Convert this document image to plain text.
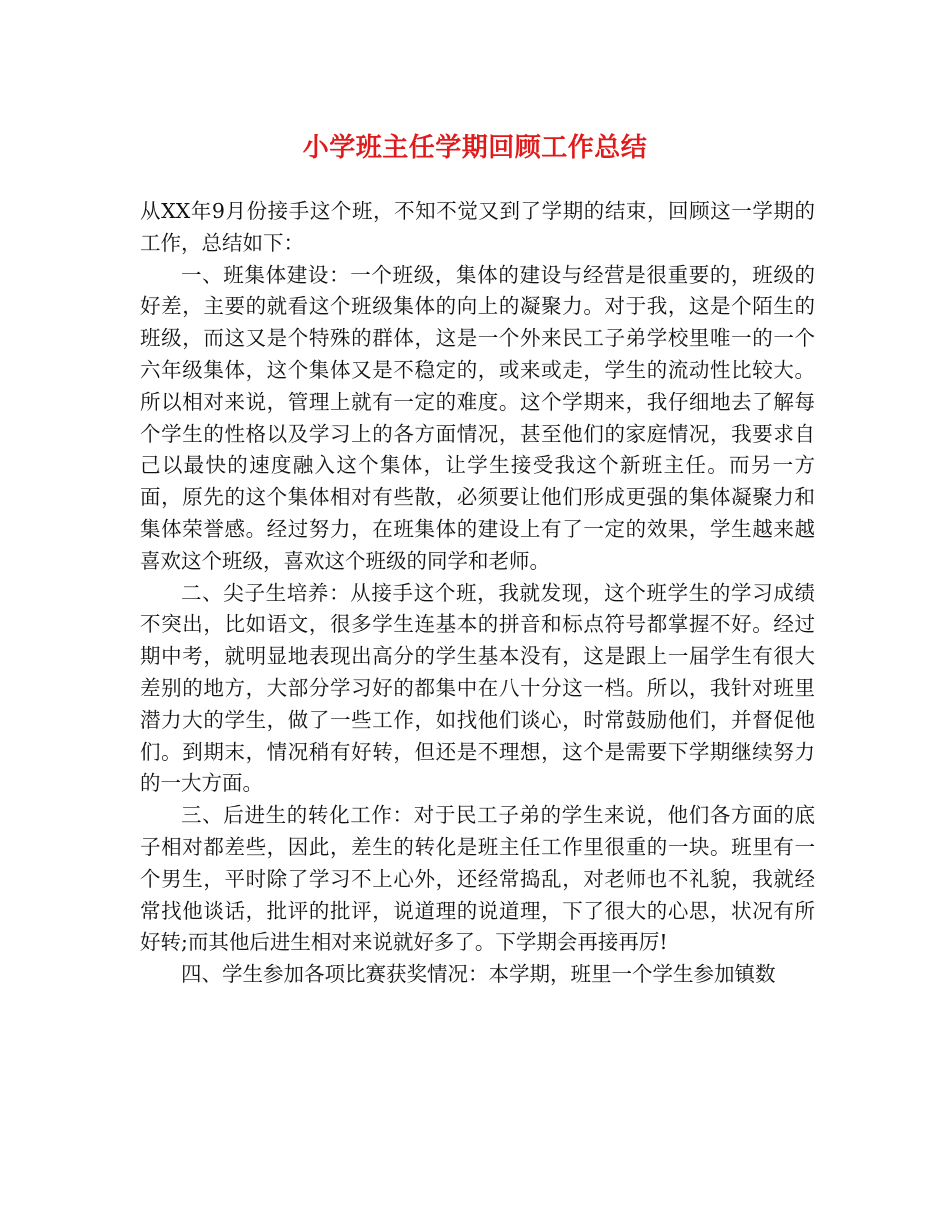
小学班主任学期回顾工作总结

从XX年9月份接手这个班，不知不觉又到了学期的结束，回顾这一学期的工作，总结如下：

一、班集体建设：一个班级，集体的建设与经营是很重要的，班级的好差，主要的就看这个班级集体的向上的凝聚力。对于我，这是个陌生的班级，而这又是个特殊的群体，这是一个外来民工子弟学校里唯一的一个六年级集体，这个集体又是不稳定的，或来或走，学生的流动性比较大。所以相对来说，管理上就有一定的难度。这个学期来，我仔细地去了解每个学生的性格以及学习上的各方面情况，甚至他们的家庭情况，我要求自己以最快的速度融入这个集体，让学生接受我这个新班主任。而另一方面，原先的这个集体相对有些散，必须要让他们形成更强的集体凝聚力和集体荣誉感。经过努力，在班集体的建设上有了一定的效果，学生越来越喜欢这个班级，喜欢这个班级的同学和老师。

二、尖子生培养：从接手这个班，我就发现，这个班学生的学习成绩不突出，比如语文，很多学生连基本的拼音和标点符号都掌握不好。经过期中考，就明显地表现出高分的学生基本没有，这是跟上一届学生有很大差别的地方，大部分学习好的都集中在八十分这一档。所以，我针对班里潜力大的学生，做了一些工作，如找他们谈心，时常鼓励他们，并督促他们。到期末，情况稍有好转，但还是不理想，这个是需要下学期继续努力的一大方面。

三、后进生的转化工作：对于民工子弟的学生来说，他们各方面的底子相对都差些，因此，差生的转化是班主任工作里很重的一块。班里有一个男生，平时除了学习不上心外，还经常捣乱，对老师也不礼貌，我就经常找他谈话，批评的批评，说道理的说道理，下了很大的心思，状况有所好转;而其他后进生相对来说就好多了。下学期会再接再厉!

四、学生参加各项比赛获奖情况：本学期，班里一个学生参加镇数
